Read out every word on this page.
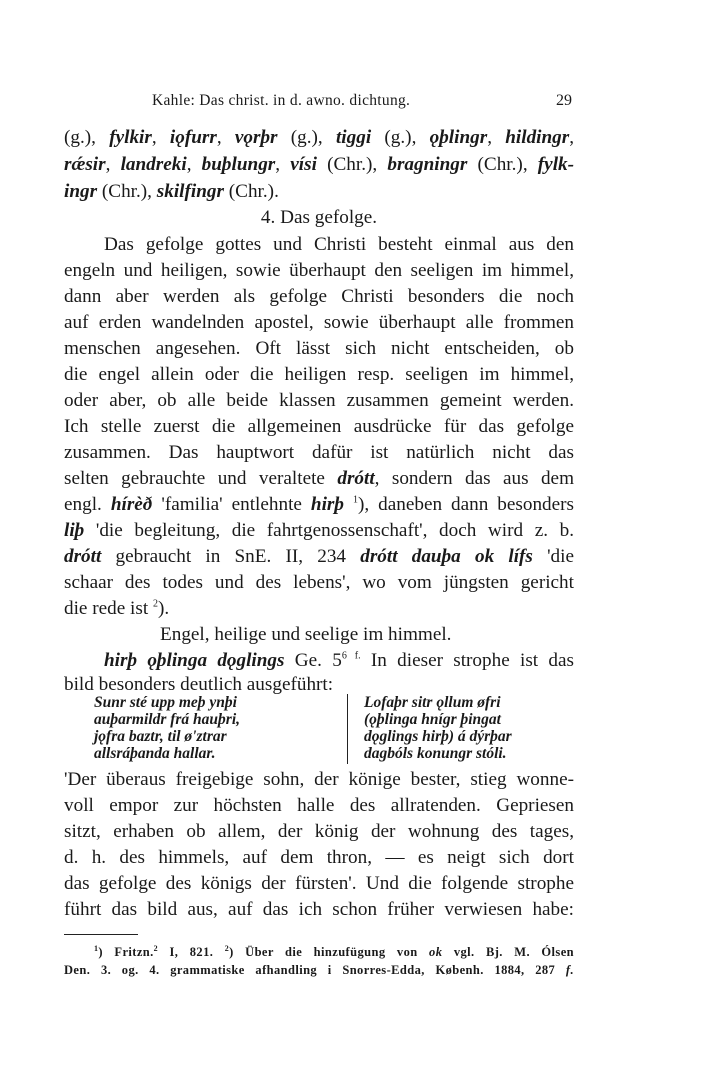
Kahle: Das christ. in d. awno. dichtung.	29
(g.), fylkir, iǫfurr, vǫrþr (g.), tiggi (g.), ǫþlingr, hildingr,
rǽsir, landreki, buþlungr, vísi (Chr.), bragningr (Chr.), fylk-
ingr (Chr.), skilfingr (Chr.).
4. Das gefolge.
Das gefolge gottes und Christi besteht einmal aus den
engeln und heiligen, sowie überhaupt den seeligen im himmel,
dann aber werden als gefolge Christi besonders die noch
auf erden wandelnden apostel, sowie überhaupt alle frommen
menschen angesehen. Oft lässt sich nicht entscheiden, ob
die engel allein oder die heiligen resp. seeligen im himmel,
oder aber, ob alle beide klassen zusammen gemeint werden.
Ich stelle zuerst die allgemeinen ausdrücke für das gefolge
zusammen. Das hauptwort dafür ist natürlich nicht das
selten gebrauchte und veraltete drótt, sondern das aus dem
engl. hírèð 'familia' entlehnte hirþ $^1$), daneben dann besonders
liþ 'die begleitung, die fahrtgenossenschaft', doch wird z. b.
drótt gebraucht in SnE. II, 234 drótt dauþa ok lífs 'die
schaar des todes und des lebens', wo vom jüngsten gericht
die rede ist $^2$).
Engel, heilige und seelige im himmel.
hirþ ǫþlinga dǫglings Ge. $5^{6 f.}$ In dieser strophe ist das
bild besonders deutlich ausgeführt:
Sunr sté upp meþ ynþi
auþarmildr frá hauþri,
jǫfra baztr, til ø'ztrar
allsráþanda hallar.
Lofaþr sitr ǫllum øfri
(ǫþlinga hnígr þingat
dǫglings hirþ) á dýrþar
dagbóls konungr stóli.
'Der überaus freigebige sohn, der könige bester, stieg wonne-
voll empor zur höchsten halle des allratenden. Gepriesen
sitzt, erhaben ob allem, der könig der wohnung des tages,
d. h. des himmels, auf dem thron, — es neigt sich dort
das gefolge des königs der fürsten'. Und die folgende strophe
führt das bild aus, auf das ich schon früher verwiesen habe:
$^1$) Fritzn.$^2$ I, 821. $^2$) Über die hinzufügung von ok vgl. Bj. M. Ólsen
Den. 3. og. 4. grammatiske afhandling i Snorres-Edda, Københ. 1884, 287 f.
